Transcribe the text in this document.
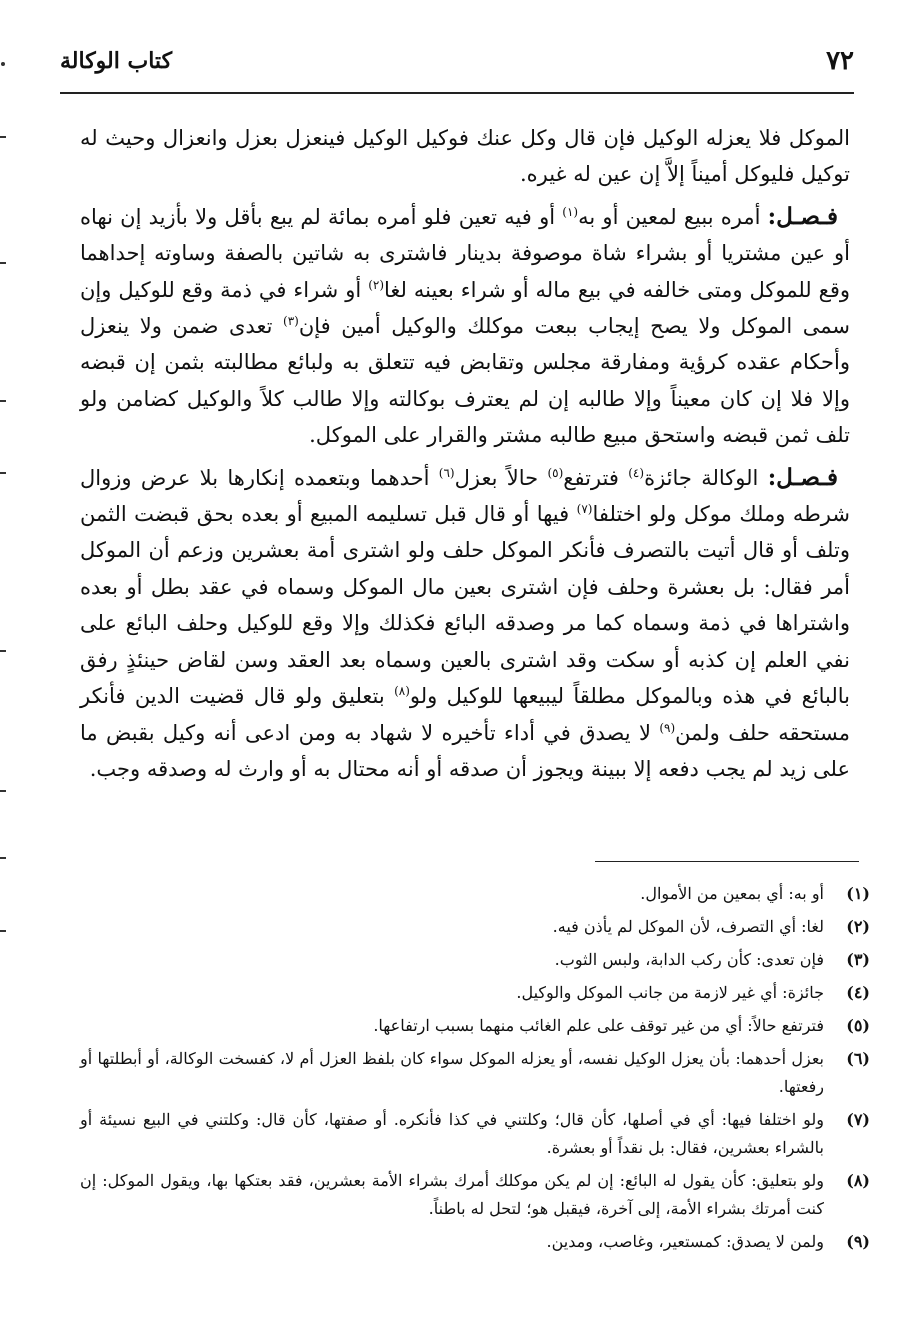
٧٢
كتاب الوكالة

الموكل فلا يعزله الوكيل فإن قال وكل عنك فوكيل الوكيل فينعزل بعزل وانعزال وحيث له توكيل فليوكل أميناً إلاَّ إن عين له غيره.

فـصـل: أمره ببيع لمعين أو به$^{(١)}$ أو فيه تعين فلو أمره بمائة لم يبع بأقل ولا بأزيد إن نهاه أو عين مشتريا أو بشراء شاة موصوفة بدينار فاشترى به شاتين بالصفة وساوته إحداهما وقع للموكل ومتى خالفه في بيع ماله أو شراء بعينه لغا$^{(٢)}$ أو شراء في ذمة وقع للوكيل وإن سمى الموكل ولا يصح إيجاب ببعت موكلك والوكيل أمين فإن$^{(٣)}$ تعدى ضمن ولا ينعزل وأحكام عقده كرؤية ومفارقة مجلس وتقابض فيه تتعلق به ولبائع مطالبته بثمن إن قبضه وإلا فلا إن كان معيناً وإلا طالبه إن لم يعترف بوكالته وإلا طالب كلاً والوكيل كضامن ولو تلف ثمن قبضه واستحق مبيع طالبه مشتر والقرار على الموكل.

فـصـل: الوكالة جائزة$^{(٤)}$ فترتفع$^{(٥)}$ حالاً بعزل$^{(٦)}$ أحدهما وبتعمده إنكارها بلا عرض وزوال شرطه وملك موكل ولو اختلفا$^{(٧)}$ فيها أو قال قبل تسليمه المبيع أو بعده بحق قبضت الثمن وتلف أو قال أتيت بالتصرف فأنكر الموكل حلف ولو اشترى أمة بعشرين وزعم أن الموكل أمر فقال: بل بعشرة وحلف فإن اشترى بعين مال الموكل وسماه في عقد بطل أو بعده واشتراها في ذمة وسماه كما مر وصدقه البائع فكذلك وإلا وقع للوكيل وحلف البائع على نفي العلم إن كذبه أو سكت وقد اشترى بالعين وسماه بعد العقد وسن لقاض حينئذٍ رفق بالبائع في هذه وبالموكل مطلقاً ليبيعها للوكيل ولو$^{(٨)}$ بتعليق ولو قال قضيت الدين فأنكر مستحقه حلف ولمن$^{(٩)}$ لا يصدق في أداء تأخيره لا شهاد به ومن ادعى أنه وكيل بقبض ما على زيد لم يجب دفعه إلا ببينة ويجوز أن صدقه أو أنه محتال به أو وارث له وصدقه وجب.

(١)
أو به: أي بمعين من الأموال.
(٢)
لغا: أي التصرف، لأن الموكل لم يأذن فيه.
(٣)
فإن تعدى: كأن ركب الدابة، ولبس الثوب.
(٤)
جائزة: أي غير لازمة من جانب الموكل والوكيل.
(٥)
فترتفع حالاً: أي من غير توقف على علم الغائب منهما بسبب ارتفاعها.
(٦)
بعزل أحدهما: بأن يعزل الوكيل نفسه، أو يعزله الموكل سواء كان بلفظ العزل أم لا، كفسخت الوكالة، أو أبطلتها أو رفعتها.
(٧)
ولو اختلفا فيها: أي في أصلها، كأن قال؛ وكلتني في كذا فأنكره. أو صفتها، كأن قال: وكلتني في البيع نسيئة أو بالشراء بعشرين، فقال: بل نقداً أو بعشرة.
(٨)
ولو بتعليق: كأن يقول له البائع: إن لم يكن موكلك أمرك بشراء الأمة بعشرين، فقد بعتكها بها، ويقول الموكل: إن كنت أمرتك بشراء الأمة، إلى آخرة، فيقبل هو؛ لتحل له باطناً.
(٩)
ولمن لا يصدق: كمستعير، وغاصب، ومدين.
